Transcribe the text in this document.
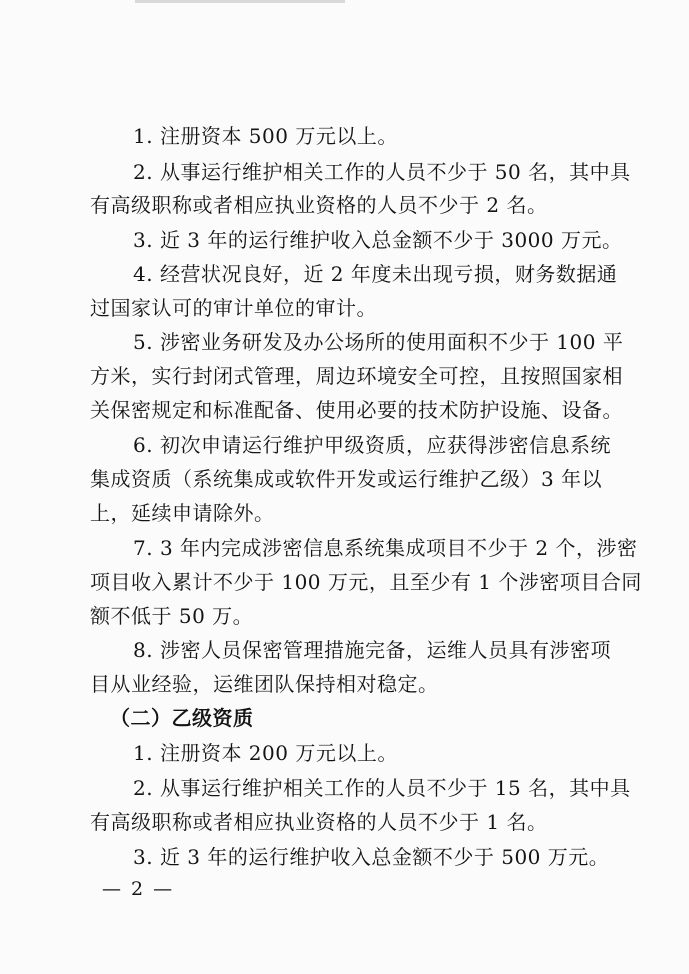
1. 注册资本 500 万元以上。
2. 从事运行维护相关工作的人员不少于 50 名，其中具
有高级职称或者相应执业资格的人员不少于 2 名。
3. 近 3 年的运行维护收入总金额不少于 3000 万元。
4. 经营状况良好，近 2 年度未出现亏损，财务数据通
过国家认可的审计单位的审计。
5. 涉密业务研发及办公场所的使用面积不少于 100 平
方米，实行封闭式管理，周边环境安全可控，且按照国家相
关保密规定和标准配备、使用必要的技术防护设施、设备。
6. 初次申请运行维护甲级资质，应获得涉密信息系统
集成资质（系统集成或软件开发或运行维护乙级）3 年以
上，延续申请除外。
7. 3 年内完成涉密信息系统集成项目不少于 2 个，涉密
项目收入累计不少于 100 万元，且至少有 1 个涉密项目合同
额不低于 50 万。
8. 涉密人员保密管理措施完备，运维人员具有涉密项
目从业经验，运维团队保持相对稳定。
（二）乙级资质
1. 注册资本 200 万元以上。
2. 从事运行维护相关工作的人员不少于 15 名，其中具
有高级职称或者相应执业资格的人员不少于 1 名。
3. 近 3 年的运行维护收入总金额不少于 500 万元。
— 2 —
